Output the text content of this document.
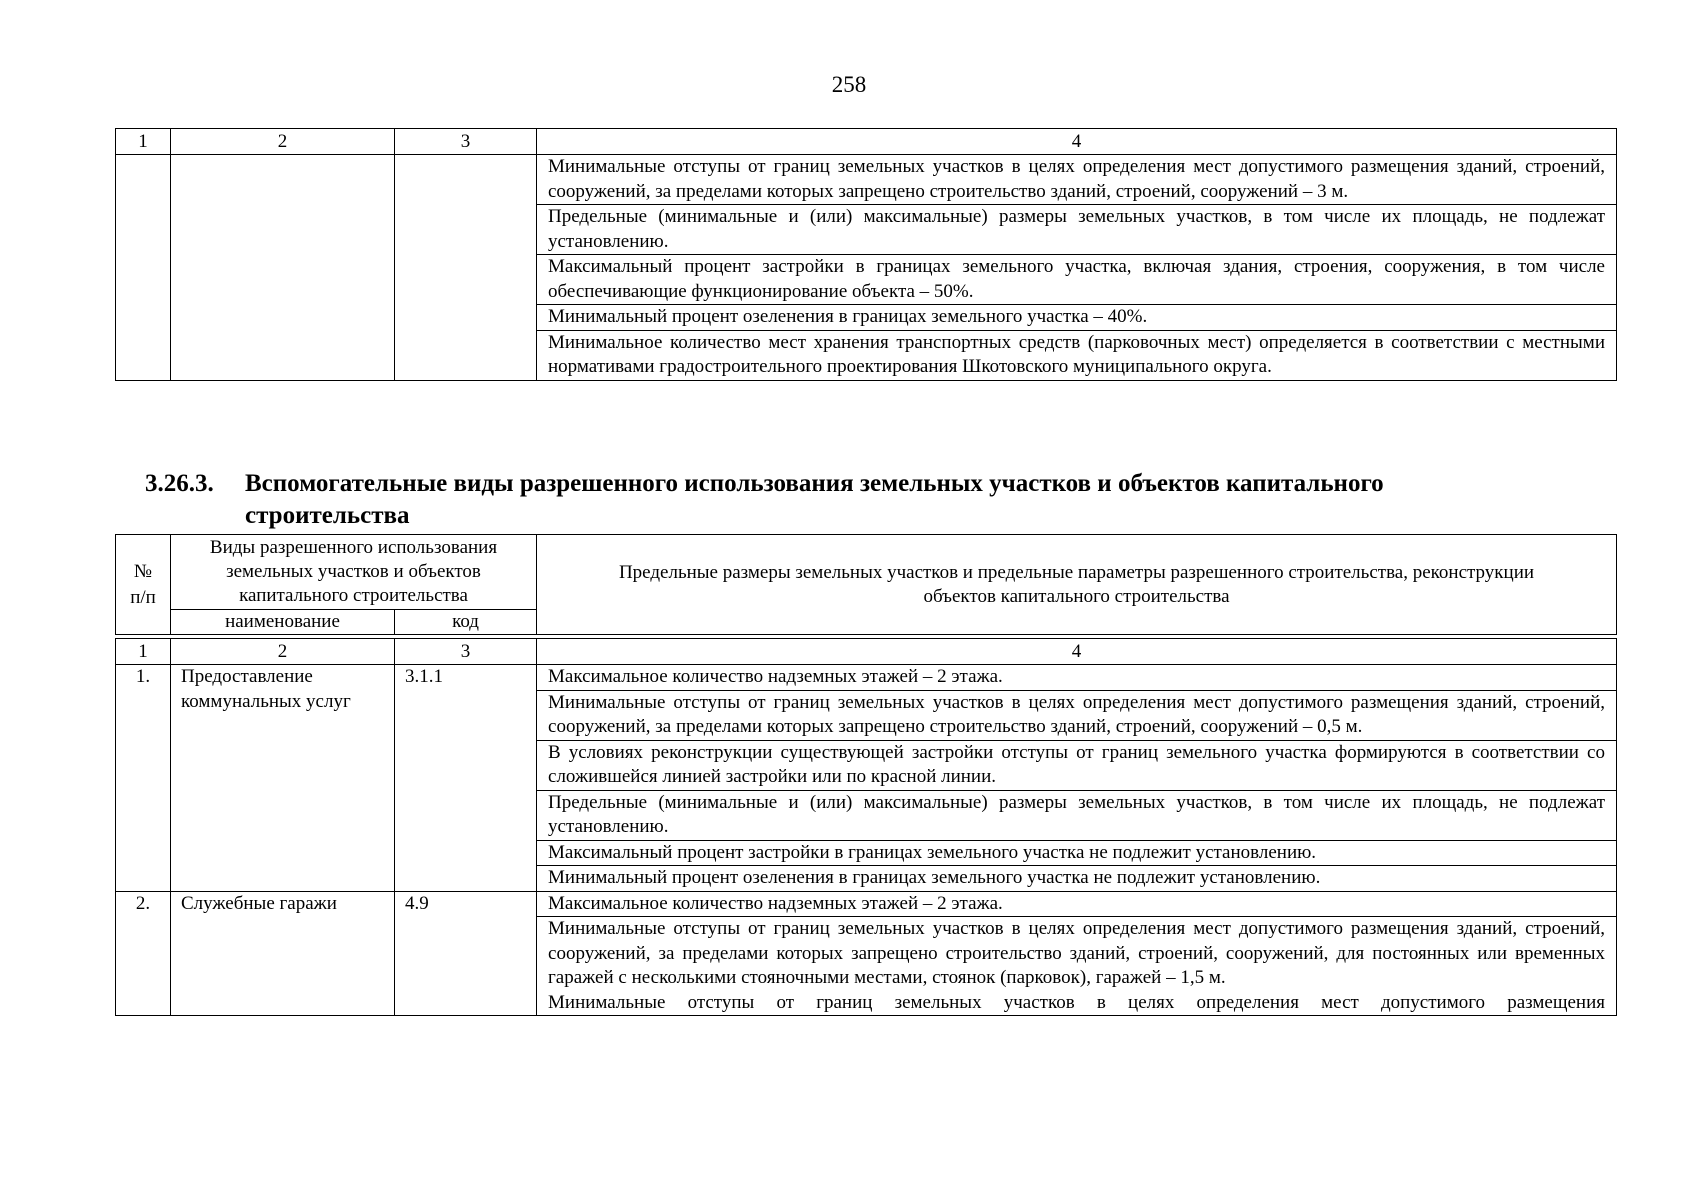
258
1	2	3	4
			Минимальные отступы от границ земельных участков в целях определения мест допустимого размещения зданий, строений, сооружений, за пределами которых запрещено строительство зданий, строений, сооружений – 3 м.
			Предельные (минимальные и (или) максимальные) размеры земельных участков, в том числе их площадь, не подлежат установлению.
			Максимальный процент застройки в границах земельного участка, включая здания, строения, сооружения, в том числе обеспечивающие функционирование объекта – 50%.
			Минимальный процент озеленения в границах земельного участка – 40%.
			Минимальное количество мест хранения транспортных средств (парковочных мест) определяется в соответствии с местными нормативами градостроительного проектирования Шкотовского муниципального округа.
3.26.3. Вспомогательные виды разрешенного использования земельных участков и объектов капитального
строительства
№
п/п	Виды разрешенного использования земельных участков и объектов капитального строительства		Предельные размеры земельных участков и предельные параметры разрешенного строительства, реконструкции объектов капитального строительства
	наименование	код	

1	2	3	4
1.	Предоставление коммунальных услуг	3.1.1	Максимальное количество надземных этажей – 2 этажа.
			Минимальные отступы от границ земельных участков в целях определения мест допустимого размещения зданий, строений, сооружений, за пределами которых запрещено строительство зданий, строений, сооружений – 0,5 м.
			В условиях реконструкции существующей застройки отступы от границ земельного участка формируются в соответствии со сложившейся линией застройки или по красной линии.
			Предельные (минимальные и (или) максимальные) размеры земельных участков, в том числе их площадь, не подлежат установлению.
			Максимальный процент застройки в границах земельного участка не подлежит установлению.
			Минимальный процент озеленения в границах земельного участка не подлежит установлению.
2.	Служебные гаражи	4.9	Максимальное количество надземных этажей – 2 этажа.
			Минимальные отступы от границ земельных участков в целях определения мест допустимого размещения зданий, строений, сооружений, за пределами которых запрещено строительство зданий, строений, сооружений, для постоянных или временных гаражей с несколькими стояночными местами, стоянок (парковок), гаражей – 1,5 м.
			Минимальные отступы от границ земельных участков в целях определения мест допустимого размещения
